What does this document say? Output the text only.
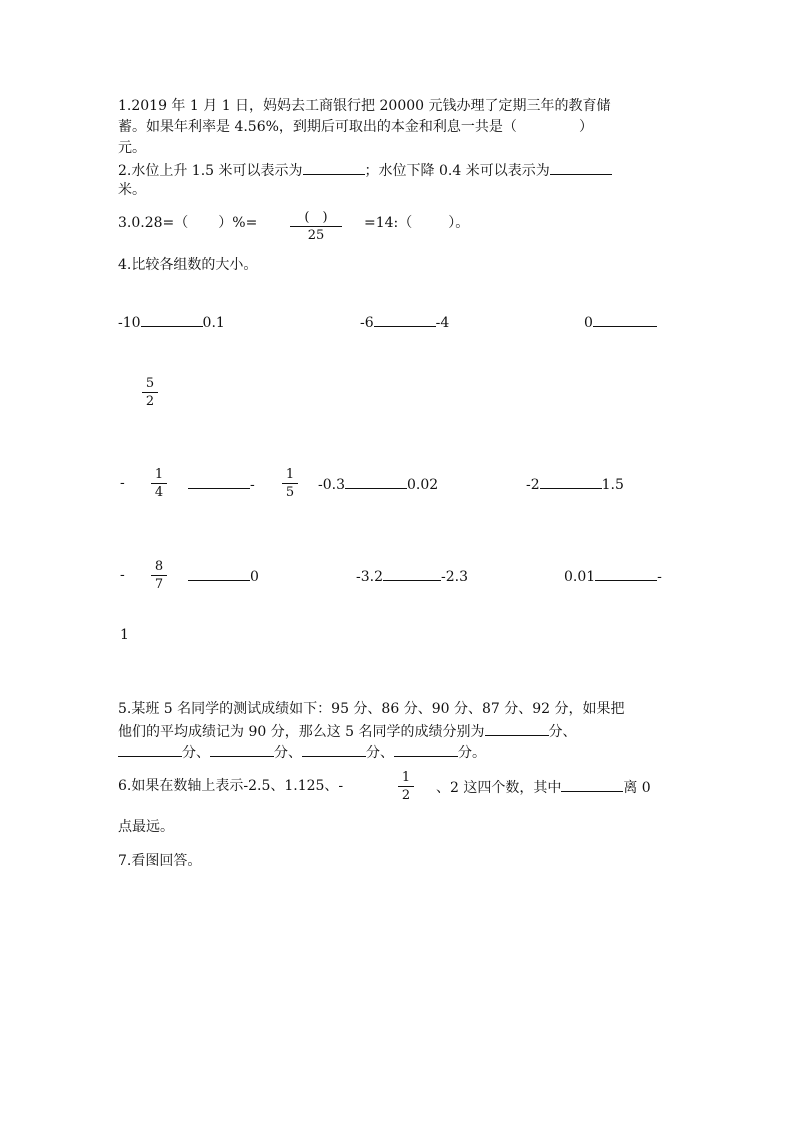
1.2019 年 1 月 1 日，妈妈去工商银行把 20000 元钱办理了定期三年的教育储
蓄。如果年利率是 4.56%，到期后可取出的本金和利息一共是（	）
元。
2.水位上升 1.5 米可以表示为	；水位下降 0.4 米可以表示为
米。
3.0.28=（ ）%=	(　)
25
=14:（	）。
4.比较各组数的大小。
-10	0.1	-6	-4	0
5
2
-
1
4	-
1
5 -0.3	0.02	-2	1.5
-
8
7	0	-3.2	-2.3	0.01	-
1
5.某班 5 名同学的测试成绩如下：95 分、86 分、90 分、87 分、92 分，如果把
他们的平均成绩记为 90 分，那么这 5 名同学的成绩分别为	分、
分、	分、	分、	分。
6.如果在数轴上表示-2.5、1.125、-
1
2 、2 这四个数，其中	离 0
点最远。
7.看图回答。
